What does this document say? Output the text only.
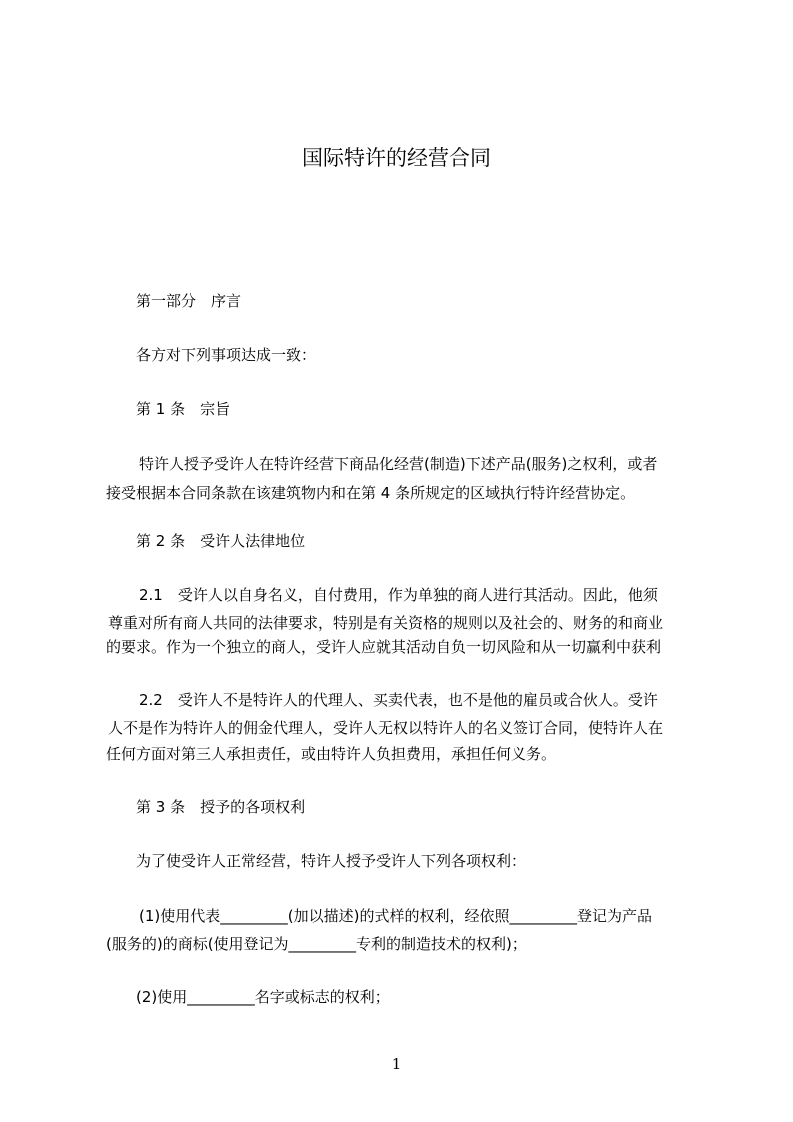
国际特许的经营合同
第一部分　序言
各方对下列事项达成一致：
第 1 条　宗旨
特许人授予受许人在特许经营下商品化经营(制造)下述产品(服务)之权利，或者
接受根据本合同条款在该建筑物内和在第 4 条所规定的区域执行特许经营协定。
第 2 条　受许人法律地位
2.1　受许人以自身名义，自付费用，作为单独的商人进行其活动。因此，他须
尊重对所有商人共同的法律要求，特别是有关资格的规则以及社会的、财务的和商业
的要求。作为一个独立的商人，受许人应就其活动自负一切风险和从一切赢利中获利
2.2　受许人不是特许人的代理人、买卖代表，也不是他的雇员或合伙人。受许
人不是作为特许人的佣金代理人，受许人无权以特许人的名义签订合同，使特许人在
任何方面对第三人承担责任，或由特许人负担费用，承担任何义务。
第 3 条　授予的各项权利
为了使受许人正常经营，特许人授予受许人下列各项权利：
(1)使用代表_________(加以描述)的式样的权利，经依照_________登记为产品
(服务的)的商标(使用登记为_________专利的制造技术的权利)；
(2)使用_________名字或标志的权利；
1
